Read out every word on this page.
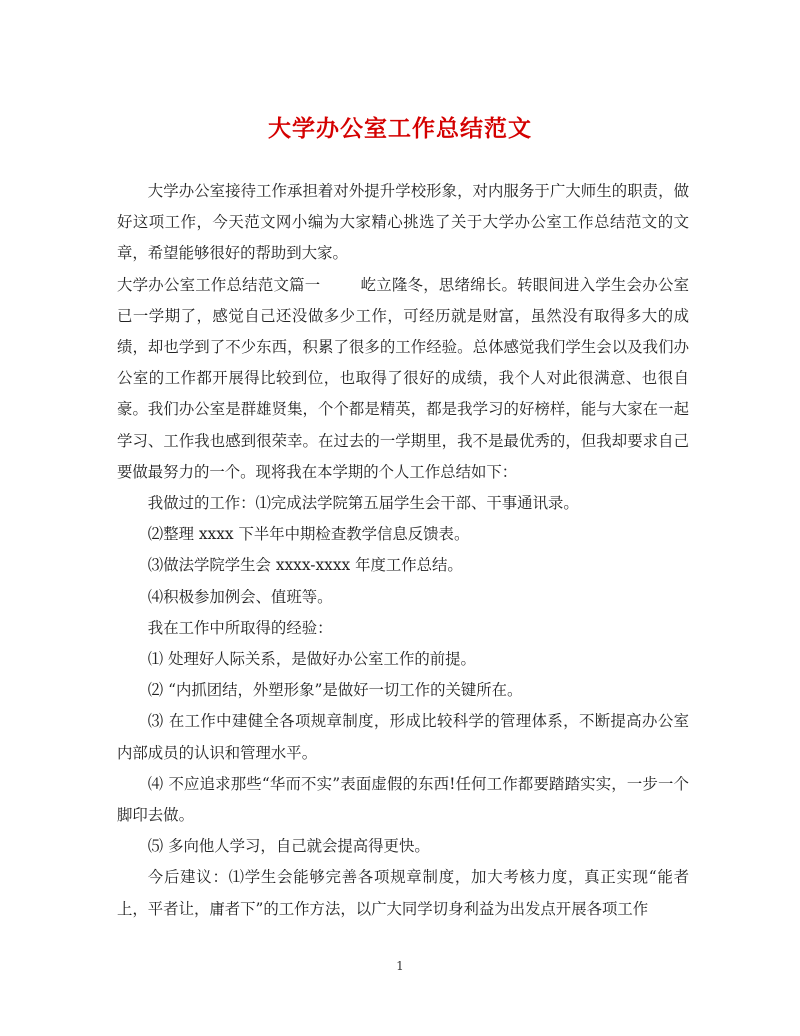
大学办公室工作总结范文

大学办公室接待工作承担着对外提升学校形象，对内服务于广大师生的职责，做好这项工作，今天范文网小编为大家精心挑选了关于大学办公室工作总结范文的文章，希望能够很好的帮助到大家。

大学办公室工作总结范文篇一	屹立隆冬，思绪绵长。转眼间进入学生会办公室已一学期了，感觉自己还没做多少工作，可经历就是财富，虽然没有取得多大的成绩，却也学到了不少东西，积累了很多的工作经验。总体感觉我们学生会以及我们办公室的工作都开展得比较到位，也取得了很好的成绩，我个人对此很满意、也很自豪。我们办公室是群雄贤集，个个都是精英，都是我学习的好榜样，能与大家在一起学习、工作我也感到很荣幸。在过去的一学期里，我不是最优秀的，但我却要求自己要做最努力的一个。现将我在本学期的个人工作总结如下：

我做过的工作：⑴完成法学院第五届学生会干部、干事通讯录。

⑵整理 xxxx 下半年中期检查教学信息反馈表。

⑶做法学院学生会 xxxx-xxxx 年度工作总结。

⑷积极参加例会、值班等。

我在工作中所取得的经验：

⑴ 处理好人际关系，是做好办公室工作的前提。

⑵ “内抓团结，外塑形象”是做好一切工作的关键所在。

⑶ 在工作中建健全各项规章制度，形成比较科学的管理体系，不断提高办公室内部成员的认识和管理水平。

⑷ 不应追求那些“华而不实”表面虚假的东西!任何工作都要踏踏实实，一步一个脚印去做。

⑸ 多向他人学习，自己就会提高得更快。

今后建议：⑴学生会能够完善各项规章制度，加大考核力度，真正实现“能者上，平者让，庸者下”的工作方法，以广大同学切身利益为出发点开展各项工作

1
